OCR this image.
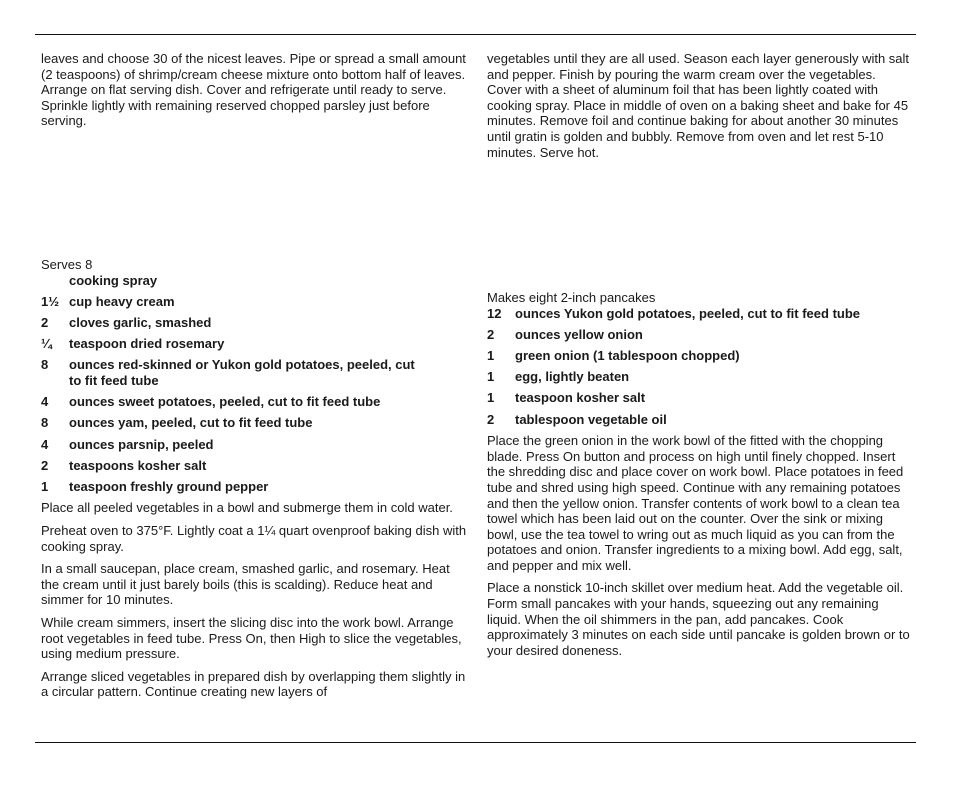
leaves and choose 30 of the nicest leaves. Pipe or spread a small amount (2 teaspoons) of shrimp/cream cheese mixture onto bottom half of leaves. Arrange on flat serving dish. Cover and refrigerate until ready to serve. Sprinkle lightly with remaining reserved chopped parsley just before serving.

vegetables until they are all used. Season each layer generously with salt and pepper. Finish by pouring the warm cream over the vegetables. Cover with a sheet of aluminum foil that has been lightly coated with cooking spray. Place in middle of oven on a baking sheet and bake for 45 minutes. Remove foil and continue baking for about another 30 minutes until gratin is golden and bubbly. Remove from oven and let rest 5-10 minutes. Serve hot.

Serves 8

cooking spray
1½ cup heavy cream
2	cloves garlic, smashed
¼	teaspoon dried rosemary
8	ounces red-skinned or Yukon gold potatoes, peeled, cut to fit feed tube
4	ounces sweet potatoes, peeled, cut to fit feed tube
8	ounces yam, peeled, cut to fit feed tube
4	ounces parsnip, peeled
2	teaspoons kosher salt
1	teaspoon freshly ground pepper

Place all peeled vegetables in a bowl and submerge them in cold water.

Preheat oven to 375°F. Lightly coat a 1¼ quart ovenproof baking dish with cooking spray.

In a small saucepan, place cream, smashed garlic, and rosemary. Heat the cream until it just barely boils (this is scalding). Reduce heat and simmer for 10 minutes.

While cream simmers, insert the slicing disc into the work bowl. Arrange root vegetables in feed tube. Press On, then High to slice the vegetables, using medium pressure.

Arrange sliced vegetables in prepared dish by overlapping them slightly in a circular pattern. Continue creating new layers of

Makes eight 2-inch pancakes

12	ounces Yukon gold potatoes, peeled, cut to fit feed tube
2	ounces yellow onion
1	green onion (1 tablespoon chopped)
1	egg, lightly beaten
1	teaspoon kosher salt
2	tablespoon vegetable oil

Place the green onion in the work bowl of the fitted with the chopping blade. Press On button and process on high until finely chopped. Insert the shredding disc and place cover on work bowl. Place potatoes in feed tube and shred using high speed. Continue with any remaining potatoes and then the yellow onion. Transfer contents of work bowl to a clean tea towel which has been laid out on the counter. Over the sink or mixing bowl, use the tea towel to wring out as much liquid as you can from the potatoes and onion. Transfer ingredients to a mixing bowl. Add egg, salt, and pepper and mix well.

Place a nonstick 10-inch skillet over medium heat. Add the vegetable oil. Form small pancakes with your hands, squeezing out any remaining liquid. When the oil shimmers in the pan, add pancakes. Cook approximately 3 minutes on each side until pancake is golden brown or to your desired doneness.
